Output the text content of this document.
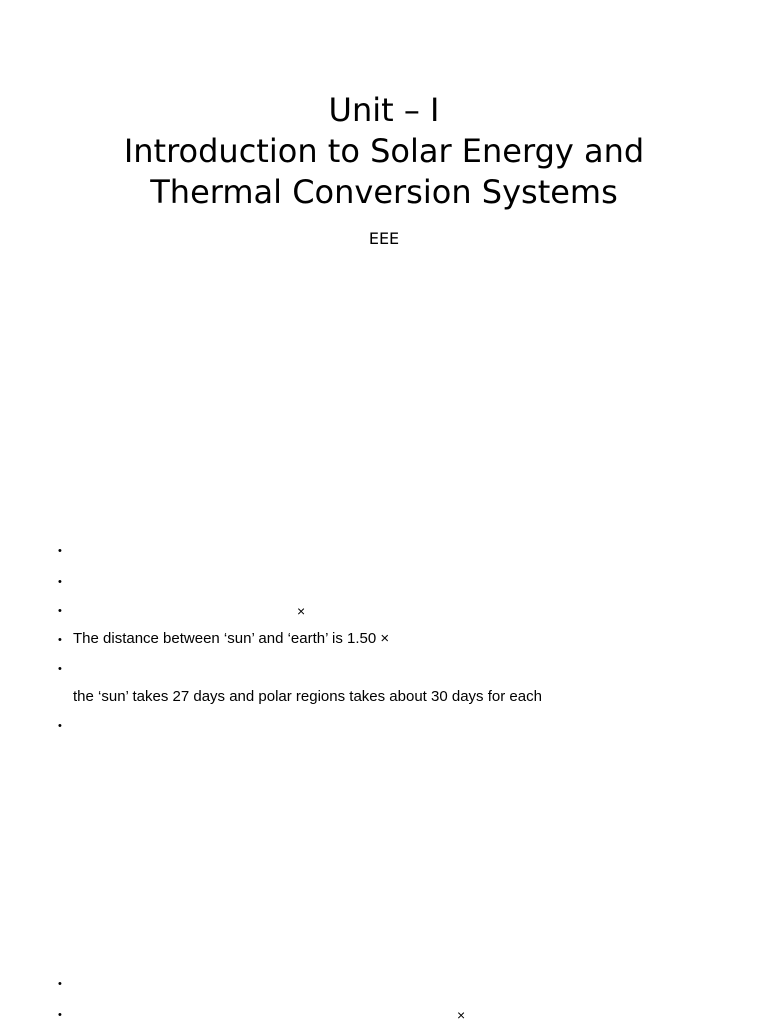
Unit – I
Introduction to Solar Energy and
Thermal Conversion Systems
EEE
•
•
•	×
• The distance between ‘sun’ and ‘earth’ is 1.50 ×
•
the ‘sun’ takes 27 days and polar regions takes about 30 days for each
•
•
•	×
